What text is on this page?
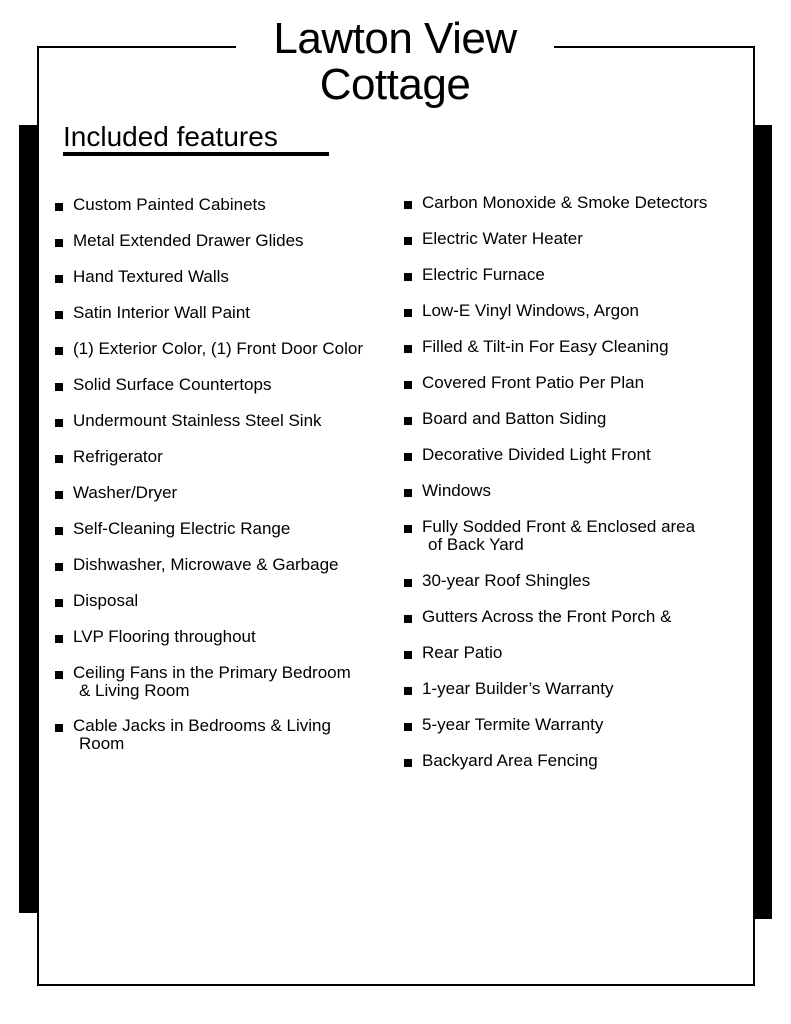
Lawton View
Cottage
Included features
Custom Painted Cabinets
Metal Extended Drawer Glides
Hand Textured Walls
Satin Interior Wall Paint
(1) Exterior Color, (1) Front Door Color
Solid Surface Countertops
Undermount Stainless Steel Sink
Refrigerator
Washer/Dryer
Self-Cleaning Electric Range
Dishwasher, Microwave & Garbage
Disposal
LVP Flooring throughout
Ceiling Fans in the Primary Bedroom
& Living Room
Cable Jacks in Bedrooms & Living
Room
Carbon Monoxide & Smoke Detectors
Electric Water Heater
Electric Furnace
Low-E Vinyl Windows, Argon
Filled & Tilt-in For Easy Cleaning
Covered Front Patio Per Plan
Board and Batton Siding
Decorative Divided Light Front
Windows
Fully Sodded Front & Enclosed area
of Back Yard
30-year Roof Shingles
Gutters Across the Front Porch &
Rear Patio
1-year Builder’s Warranty
5-year Termite Warranty
Backyard Area Fencing
